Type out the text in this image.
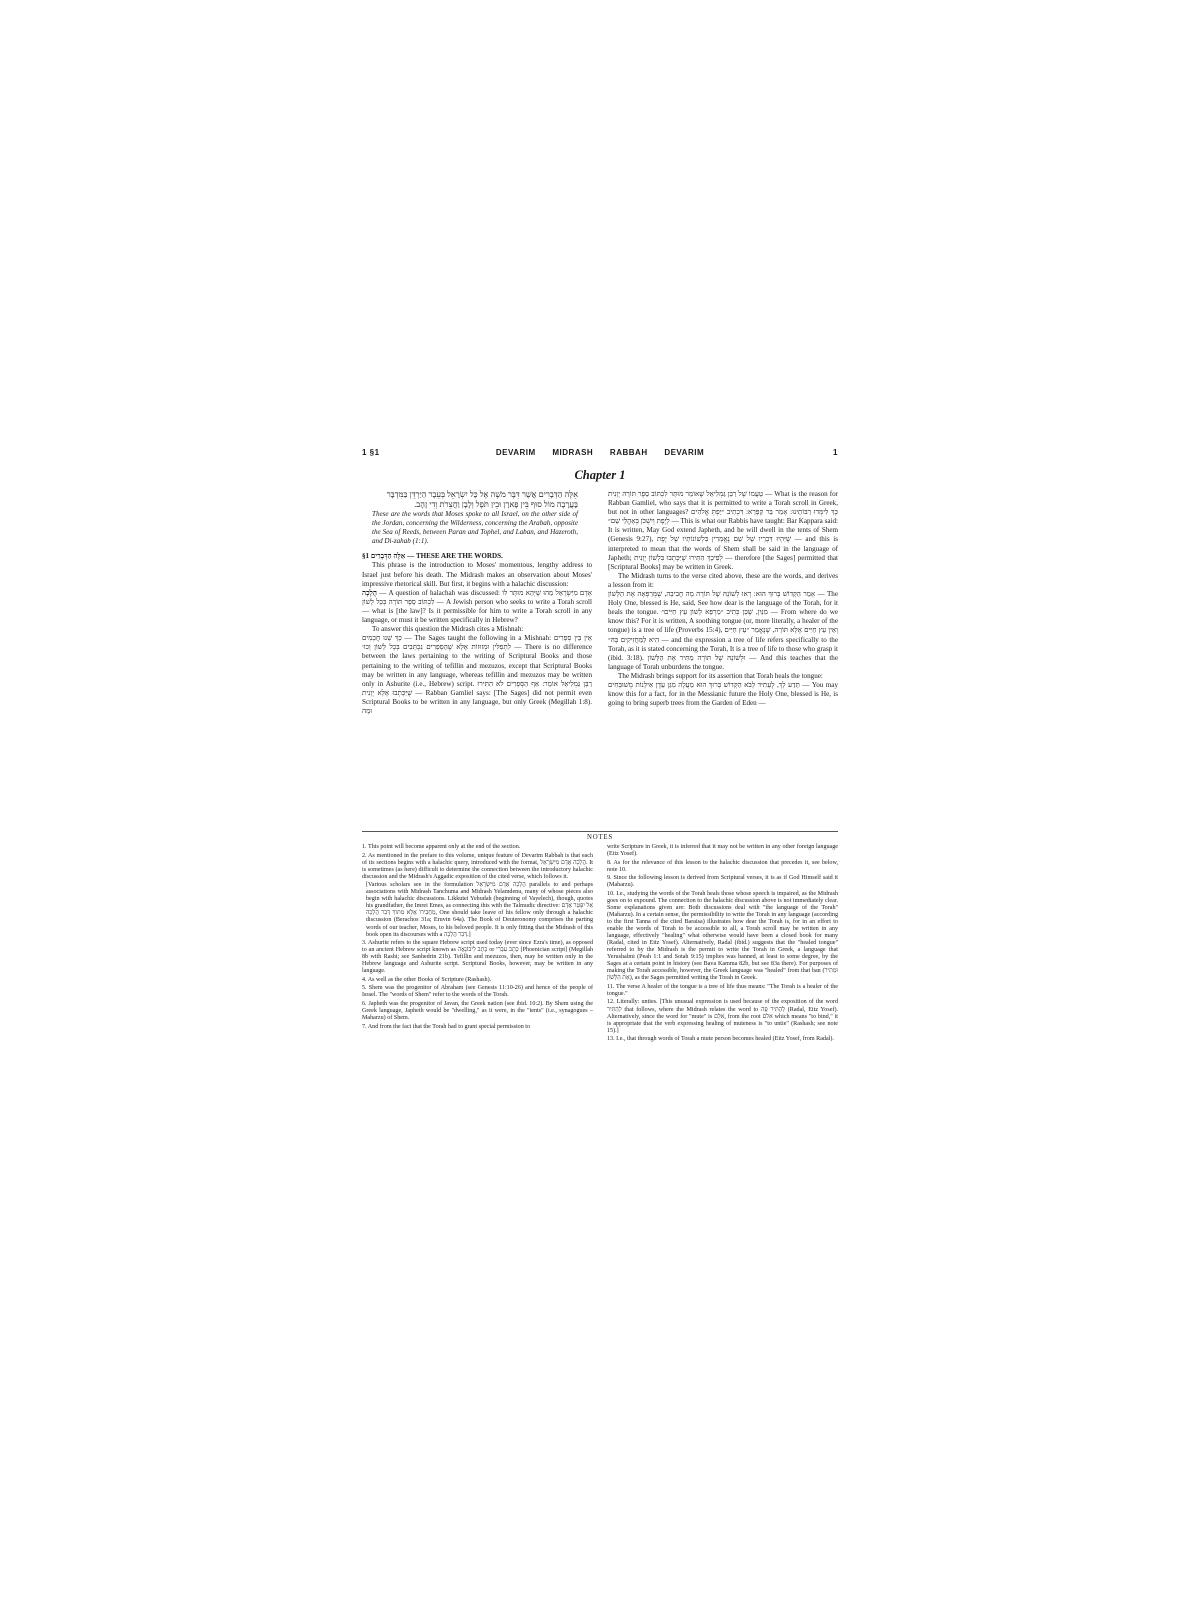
1 §1	DEVARIM MIDRASH RABBAH DEVARIM	1
Chapter 1

אֵלֶּה הַדְּבָרִים אֲשֶׁר דִּבֶּר מֹשֶׁה אֶל כָּל יִשְׂרָאֵל בְּעֵבֶר הַיַּרְדֵּן בַּמִּדְבָּר בָּעֲרָבָה מוֹל סוּף בֵּין פָּארָן וּבֵין תֹּפֶל וְלָבָן וַחֲצֵרֹת וְדִי זָהָב.

These are the words that Moses spoke to all Israel, on the other side of the Jordan, concerning the Wilderness, concerning the Arabah, opposite the Sea of Reeds, between Paran and Tophel, and Laban, and Hazeroth, and Di-zahab (1:1).

§1 אֵלֶּה הַדְּבָרִים — THESE ARE THE WORDS.

This phrase is the introduction to Moses' momentous, lengthy address to Israel just before his death. The Midrash makes an observation about Moses' impressive rhetorical skill. But first, it begins with a halachic discussion:

הֲלָכָה — A question of halachah was discussed: אָדָם מִיִּשְׂרָאֵל מַהוּ שֶׁיְּהֵא מוּתָּר לוֹ לִכְתּוֹב סֵפֶר תּוֹרָה בְּכָל לָשׁוֹן — A Jewish person who seeks to write a Torah scroll — what is [the law]? Is it permissible for him to write a Torah scroll in any language, or must it be written specifically in Hebrew?

To answer this question the Midrash cites a Mishnah:

כָּךְ שָׁנוּ חֲכָמִים — The Sages taught the following in a Mishnah: אֵין בֵּין סְפָרִים לִתְפִלִּין וּמְזוּזוֹת אֶלָּא שֶׁהַסְּפָרִים נִכְתָּבִים בְּכָל לָשׁוֹן וְכוּ׳ — There is no difference between the laws pertaining to the writing of Scriptural Books and those pertaining to the writing of tefillin and mezuzos, except that Scriptural Books may be written in any language, whereas tefillin and mezuzos may be written only in Ashurite (i.e., Hebrew) script. רַבָּן גַּמְלִיאֵל אוֹמֵר: אַף הַסְּפָרִים לֹא הִתִּירוּ שֶׁיִּכָּתְבוּ אֶלָּא יְוָנִית — Rabban Gamliel says: [The Sages] did not permit even Scriptural Books to be written in any language, but only Greek (Megillah 1:8). וּמָה

טַעֲמוֹ שֶׁל רַבָּן גַּמְלִיאֵל שֶׁאוֹמֵר מוּתָּר לִכְתּוֹב סֵפֶר תּוֹרָה יְוָנִית — What is the reason for Rabban Gamliel, who says that it is permitted to write a Torah scroll in Greek, but not in other languages? כָּךְ לִימְּדוּ רַבּוֹתֵינוּ: אָמַר בַּר קַפָּרָא: דִּכְתִיב ״יַפְתְּ אֱלֹהִים לְיֶפֶת וְיִשְׁכֹּן בְּאָהֳלֵי שֵׁם״ — This is what our Rabbis have taught: Bar Kappara said: It is written, May God extend Japheth, and he will dwell in the tents of Shem (Genesis 9:27), שֶׁיִּהְיוּ דִּבְרֵיו שֶׁל שֵׁם נֶאֱמָרִין בִּלְשׁוֹנוֹתָיו שֶׁל יֶפֶת — and this is interpreted to mean that the words of Shem shall be said in the language of Japheth; לְפִיכָךְ הִתִּירוּ שֶׁיִּכָּתְבוּ בִּלְשׁוֹן יְוָנִית — therefore [the Sages] permitted that [Scriptural Books] may be written in Greek.

The Midrash turns to the verse cited above, these are the words, and derives a lesson from it:

אָמַר הַקָּדוֹשׁ בָּרוּךְ הוּא: רְאוּ לְשׁוֹנָהּ שֶׁל תּוֹרָה מָה חֲבִיבָה, שֶׁמְּרַפְּאָה אֶת הַלָּשׁוֹן — The Holy One, blessed is He, said, See how dear is the language of the Torah, for it heals the tongue. מִנַּיִן, שֶׁכֵּן כְּתִיב ״מַרְפֵּא לָשׁוֹן עֵץ חַיִּים״ — From where do we know this? For it is written, A soothing tongue (or, more literally, a healer of the tongue) is a tree of life (Proverbs 15:4), וְאֵין עֵץ חַיִּים אֶלָּא תּוֹרָה, שֶׁנֶּאֱמַר ״עֵץ חַיִּים הִיא לַמַּחֲזִיקִים בָּהּ״ — and the expression a tree of life refers specifically to the Torah, as it is stated concerning the Torah, It is a tree of life to those who grasp it (ibid. 3:18). וּלְשׁוֹנָהּ שֶׁל תּוֹרָה מַתִּיר אֶת הַלָּשׁוֹן — And this teaches that the language of Torah unburdens the tongue.

The Midrash brings support for its assertion that Torah heals the tongue:

תֵּדַע לָךְ, לֶעָתִיד לָבֹא הַקָּדוֹשׁ בָּרוּךְ הוּא מַעֲלֶה מִגַּן עֵדֶן אִילָנוֹת מְשׁוּבָּחִים — You may know this for a fact, for in the Messianic future the Holy One, blessed is He, is going to bring superb trees from the Garden of Eden —

NOTES

1. This point will become apparent only at the end of the section.

2. As mentioned in the prefare to this volume, unique feature of Devarim Rabbah is that each of its sections begins with a halachic query, introduced with the format, הֲלָכָה אָדָם מִיִּשְׂרָאֵל. It is sometimes (as here) difficult to determine the connection between the introductory halachic discussion and the Midrash's Aggadic exposition of the cited verse, which follows it.

[Various scholars see in the formulation הֲלָכָה אָדָם מִיִּשְׂרָאֵל parallels to and perhaps associations with Midrash Tanchuma and Midrash Yelamdenu, many of whose pieces also begin with halachic discussions. Likkutei Yehudah (beginning of Vayelech), though, quotes his grandfather, the Imrei Emes, as connecting this with the Talmudic directive: אַל יִפָּטֵר אָדָם מֵחֲבֵירוֹ אֶלָּא מִתּוֹךְ דְּבַר הֲלָכָה, One should take leave of his fellow only through a halachic discussion (Berachos 31a; Eruvin 64a). The Book of Deuteronomy comprises the parting words of our teacher, Moses, to his beloved people. It is only fitting that the Midrash of this book open its discourses with a דְּבַר הֲלָכָה.]

3. Ashurite refers to the square Hebrew script used today (ever since Ezra's time), as opposed to an ancient Hebrew script known as כְּתָב לִיבּוֹנָאָה or כְּתָב עִבְרִי [Phoenician script] (Megillah 8b with Rashi; see Sanhedrin 21b). Tefillin and mezuzos, then, may be written only in the Hebrew language and Ashurite script. Scriptural Books, however, may be written in any language.

4. As well as the other Books of Scripture (Rashash).

5. Shem was the progenitor of Abraham (see Genesis 11:10-26) and hence of the people of Israel. The "words of Shem" refer to the words of the Torah.

6. Japheth was the progenitor of Javan, the Greek nation (see ibid. 10:2). By Shem using the Greek language, Japheth would be "dwelling," as it were, in the "tents" (i.e., synagogues – Maharzu) of Shem.

7. And from the fact that the Torah had to grant special permission to

write Scripture in Greek, it is inferred that it may not be written in any other foreign language (Eitz Yosef).

8. As for the relevance of this lesson to the halachic discussion that precedes it, see below, note 10.

9. Since the following lesson is derived from Scriptural verses, it is as if God Himself said it (Maharzu).

10. I.e., studying the words of the Torah heals those whose speech is impaired, as the Midrash goes on to expound. The connection to the halachic discussion above is not immediately clear. Some explanations given are: Both discussions deal with "the language of the Torah" (Maharzu). In a certain sense, the permissibility to write the Torah in any language (according to the first Tanna of the cited Baraisa) illustrates how dear the Torah is, for in an effort to enable the words of Torah to be accessible to all, a Torah scroll may be written in any language, effectively "healing" what otherwise would have been a closed book for many (Radal, cited in Eitz Yosef). Alternatively, Radal (ibid.) suggests that the "healed tongue" referred to by the Midrash is the permit to write the Torah in Greek, a language that Yerushalmi (Peah 1:1 and Sotah 9:15) implies was banned, at least to some degree, by the Sages at a certain point in history (see Bava Kamma 82b, but see 83a there). For purposes of making the Torah accessible, however, the Greek language was "healed" from that ban (וּמַתִּיר אֶת הַלָּשׁוֹן), as the Sages permitted writing the Torah in Greek.

11. The verse A healer of the tongue is a tree of life thus means: "The Torah is a healer of the tongue."

12. Literally: unties. [This unusual expression is used because of the exposition of the word לְהַתִּיר that follows, where the Midrash relates the word to לְהַתִּיר פֶּה (Radal, Eitz Yosef). Alternatively, since the word for "mute" is אִלֵּם, from the root אלם which means "to bind," it is appropriate that the verb expressing healing of muteness is "to untie" (Rashash; see note 15).]

13. I.e., that through words of Torah a mute person becomes healed (Eitz Yosef, from Radal).
